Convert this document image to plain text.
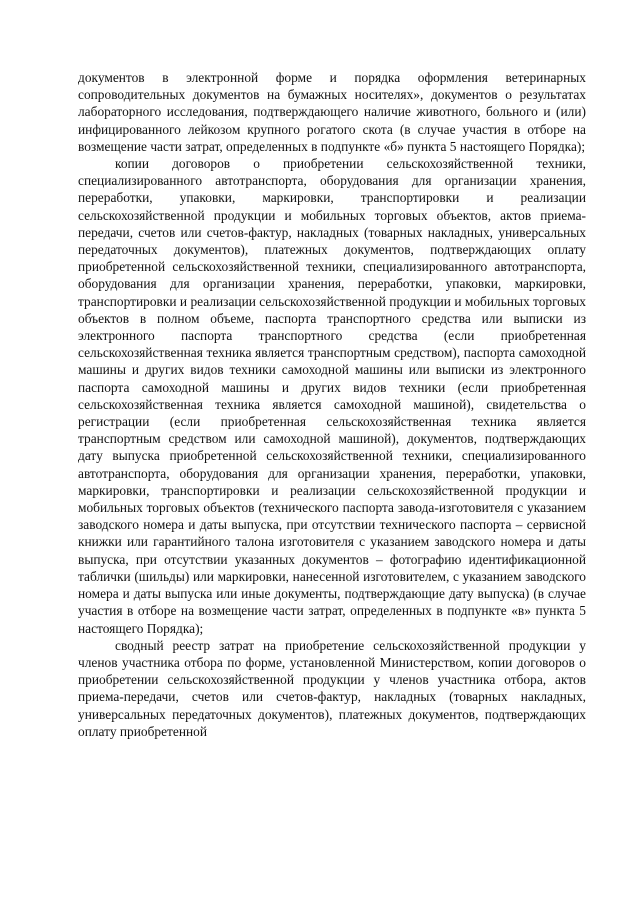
документов в электронной форме и порядка оформления ветеринарных сопроводительных документов на бумажных носителях», документов о результатах лабораторного исследования, подтверждающего наличие животного, больного и (или) инфицированного лейкозом крупного рогатого скота (в случае участия в отборе на возмещение части затрат, определенных в подпункте «б» пункта 5 настоящего Порядка);

копии договоров о приобретении сельскохозяйственной техники, специализированного автотранспорта, оборудования для организации хранения, переработки, упаковки, маркировки, транспортировки и реализации сельскохозяйственной продукции и мобильных торговых объектов, актов приема-передачи, счетов или счетов-фактур, накладных (товарных накладных, универсальных передаточных документов), платежных документов, подтверждающих оплату приобретенной сельскохозяйственной техники, специализированного автотранспорта, оборудования для организации хранения, переработки, упаковки, маркировки, транспортировки и реализации сельскохозяйственной продукции и мобильных торговых объектов в полном объеме, паспорта транспортного средства или выписки из электронного паспорта транспортного средства (если приобретенная сельскохозяйственная техника является транспортным средством), паспорта самоходной машины и других видов техники самоходной машины или выписки из электронного паспорта самоходной машины и других видов техники (если приобретенная сельскохозяйственная техника является самоходной машиной), свидетельства о регистрации (если приобретенная сельскохозяйственная техника является транспортным средством или самоходной машиной), документов, подтверждающих дату выпуска приобретенной сельскохозяйственной техники, специализированного автотранспорта, оборудования для организации хранения, переработки, упаковки, маркировки, транспортировки и реализации сельскохозяйственной продукции и мобильных торговых объектов (технического паспорта завода-изготовителя с указанием заводского номера и даты выпуска, при отсутствии технического паспорта – сервисной книжки или гарантийного талона изготовителя с указанием заводского номера и даты выпуска, при отсутствии указанных документов – фотографию идентификационной таблички (шильды) или маркировки, нанесенной изготовителем, с указанием заводского номера и даты выпуска или иные документы, подтверждающие дату выпуска) (в случае участия в отборе на возмещение части затрат, определенных в подпункте «в» пункта 5 настоящего Порядка);

сводный реестр затрат на приобретение сельскохозяйственной продукции у членов участника отбора по форме, установленной Министерством, копии договоров о приобретении сельскохозяйственной продукции у членов участника отбора, актов приема-передачи, счетов или счетов-фактур, накладных (товарных накладных, универсальных передаточных документов), платежных документов, подтверждающих оплату приобретенной
